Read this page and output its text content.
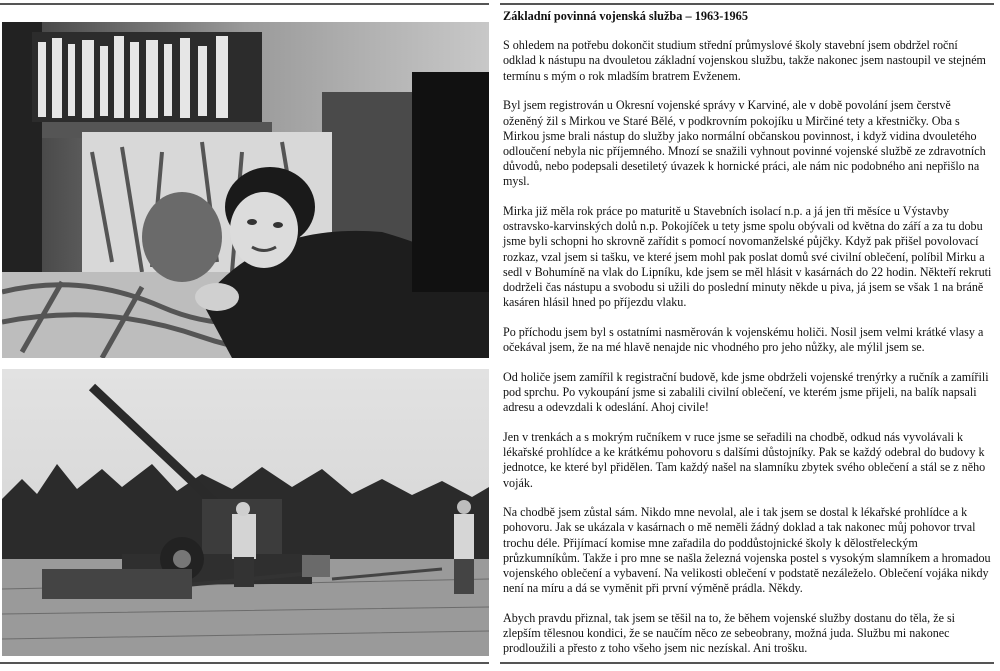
Základní povinná vojenská služba – 1963-1965

S ohledem na potřebu dokončit studium střední průmyslové školy stavební jsem obdržel roční odklad k nástupu na dvouletou základní vojenskou službu, takže nakonec jsem nastoupil ve stejném termínu s mým o rok mladším bratrem Evženem.

Byl jsem registrován u Okresní vojenské správy v Karviné, ale v době povolání jsem čerstvě oženěný žil s Mirkou ve Staré Bělé, v podkrovním pokojíku u Mirčiné tety a křestničky. Oba s Mirkou jsme brali nástup do služby jako normální občanskou povinnost, i když vidina dvouletého odloučení nebyla nic příjemného. Mnozí se snažili vyhnout povinné vojenské službě ze zdravotních důvodů, nebo podepsali desetiletý úvazek k hornické práci, ale nám nic podobného ani nepřišlo na mysl.

Mirka již měla rok práce po maturitě u Stavebních isolací n.p. a já jen tři měsíce u Výstavby ostravsko-karvinských dolů n.p. Pokojíček u tety jsme spolu obývali od května do září a za tu dobu jsme byli schopni ho skrovně zařídit s pomocí novomanželské půjčky. Když pak přišel povolovací rozkaz, vzal jsem si tašku, ve které jsem mohl pak poslat domů své civilní oblečení, políbil Mirku a sedl v Bohumíně na vlak do Lipníku, kde jsem se měl hlásit v kasárnách do 22 hodin. Někteří rekruti dodrželi čas nástupu a svobodu si užili do poslední minuty někde u piva, já jsem se však 1 na bráně kasáren hlásil hned po příjezdu vlaku.

Po příchodu jsem byl s ostatními nasměrován k vojenskému holiči. Nosil jsem velmi krátké vlasy a očekával jsem, že na mé hlavě nenajde nic vhodného pro jeho nůžky, ale mýlil jsem se.

Od holiče jsem zamířil k registrační budově, kde jsme obdrželi vojenské trenýrky a ručník a zamířili pod sprchu. Po vykoupání jsme si zabalili civilní oblečení, ve kterém jsme přijeli, na balík napsali adresu a odevzdali k odeslání. Ahoj civile!

Jen v trenkách a s mokrým ručníkem v ruce jsme se seřadili na chodbě, odkud nás vyvolávali k lékařské prohlídce a ke krátkému pohovoru s dalšími důstojníky. Pak se každý odebral do budovy k jednotce, ke které byl přidělen. Tam každý našel na slamníku zbytek svého oblečení a stál se z něho voják.

Na chodbě jsem zůstal sám. Nikdo mne nevolal, ale i tak jsem se dostal k lékařské prohlídce a k pohovoru. Jak se ukázala v kasárnach o mě neměli žádný doklad a tak nakonec můj pohovor trval trochu déle. Přijímací komise mne zařadila do poddůstojnické školy k dělostřeleckým průzkumníkům. Takže i pro mne se našla železná vojenska postel s vysokým slamníkem a hromadou vojenského oblečení a vybavení. Na velikosti oblečení v podstatě nezáleželo. Oblečení vojáka nikdy není na míru a dá se vyměnit při první výměně prádla. Někdy.

Abych pravdu přiznal, tak jsem se těšil na to, že během vojenské služby dostanu do těla, že si zlepším tělesnou kondici, že se naučím něco ze sebeobrany, možná juda. Službu mi nakonec prodloužili a přesto z toho všeho jsem nic nezískal. Ani trošku.
